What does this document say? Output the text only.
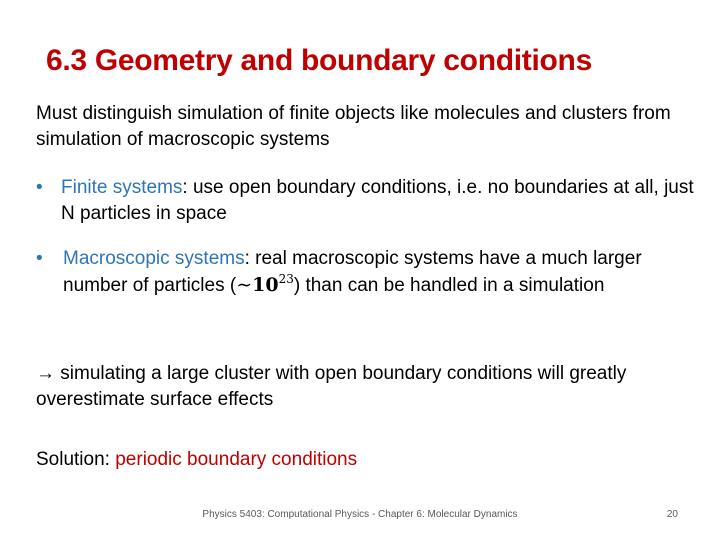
6.3 Geometry and boundary conditions
Must distinguish simulation of finite objects like molecules and clusters from simulation of macroscopic systems
• Finite systems: use open boundary conditions, i.e. no boundaries at all, just N particles in space
• Macroscopic systems: real macroscopic systems have a much larger number of particles $(\sim 10^{23})$ than can be handled in a simulation
→ simulating a large cluster with open boundary conditions will greatly overestimate surface effects
Solution: periodic boundary conditions
Physics 5403: Computational Physics - Chapter 6: Molecular Dynamics	20
